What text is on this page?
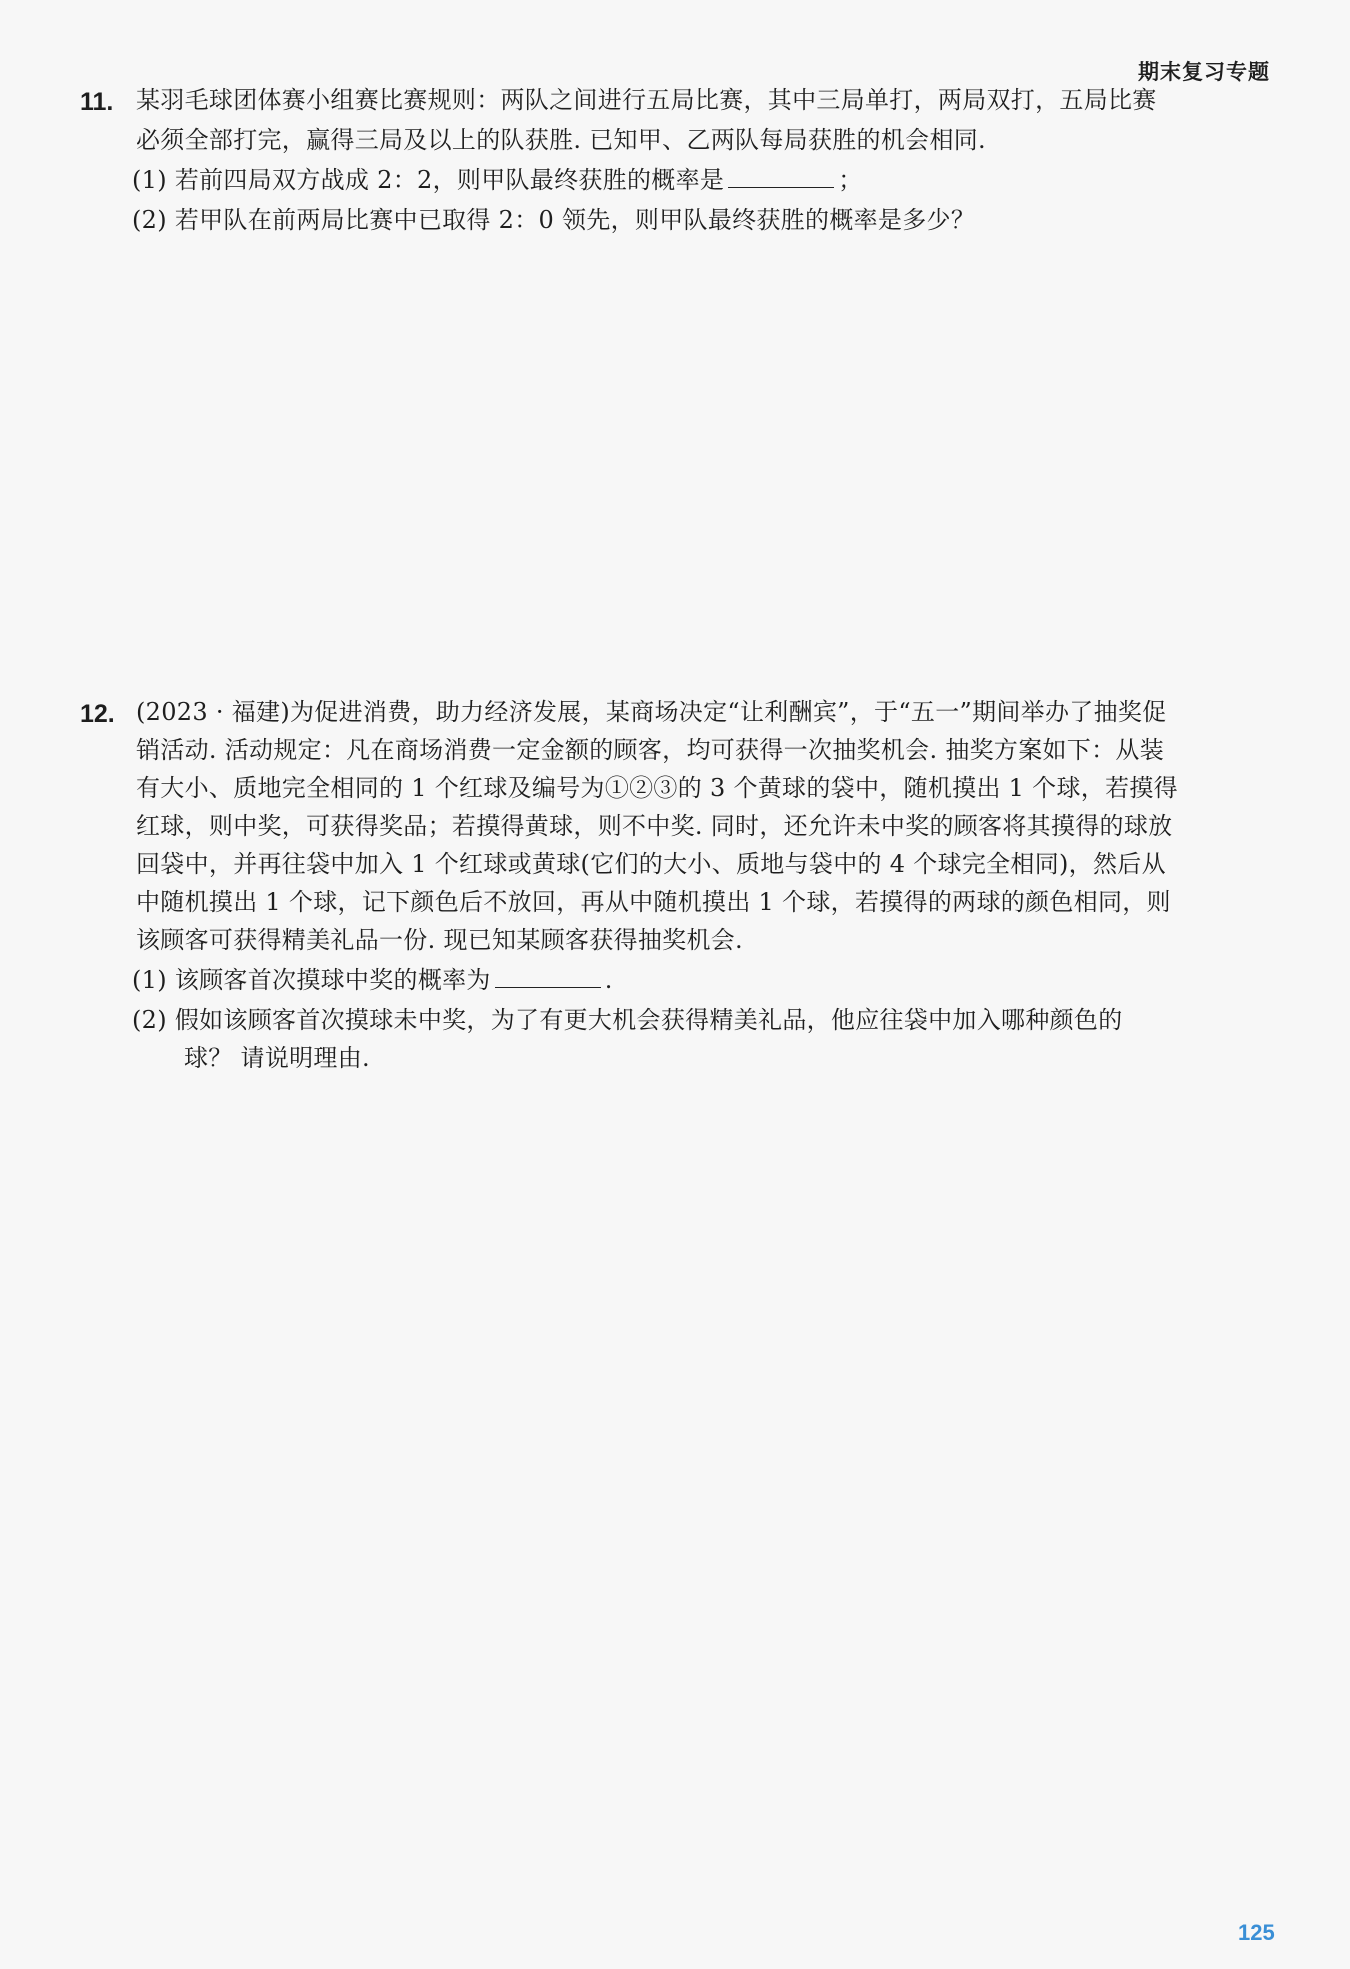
期末复习专题
11. 某羽毛球团体赛小组赛比赛规则：两队之间进行五局比赛，其中三局单打，两局双打，五局比赛
必须全部打完，赢得三局及以上的队获胜. 已知甲、乙两队每局获胜的机会相同.
(1) 若前四局双方战成 2：2，则甲队最终获胜的概率是	；
(2) 若甲队在前两局比赛中已取得 2：0 领先，则甲队最终获胜的概率是多少？
12. (2023 · 福建)为促进消费，助力经济发展，某商场决定“让利酬宾”，于“五一”期间举办了抽奖促
销活动. 活动规定：凡在商场消费一定金额的顾客，均可获得一次抽奖机会. 抽奖方案如下：从装
有大小、质地完全相同的 1 个红球及编号为①②③的 3 个黄球的袋中，随机摸出 1 个球，若摸得
红球，则中奖，可获得奖品；若摸得黄球，则不中奖. 同时，还允许未中奖的顾客将其摸得的球放
回袋中，并再往袋中加入 1 个红球或黄球(它们的大小、质地与袋中的 4 个球完全相同)，然后从
中随机摸出 1 个球，记下颜色后不放回，再从中随机摸出 1 个球，若摸得的两球的颜色相同，则
该顾客可获得精美礼品一份. 现已知某顾客获得抽奖机会.
(1) 该顾客首次摸球中奖的概率为	.
(2) 假如该顾客首次摸球未中奖，为了有更大机会获得精美礼品，他应往袋中加入哪种颜色的
球？ 请说明理由.
125
